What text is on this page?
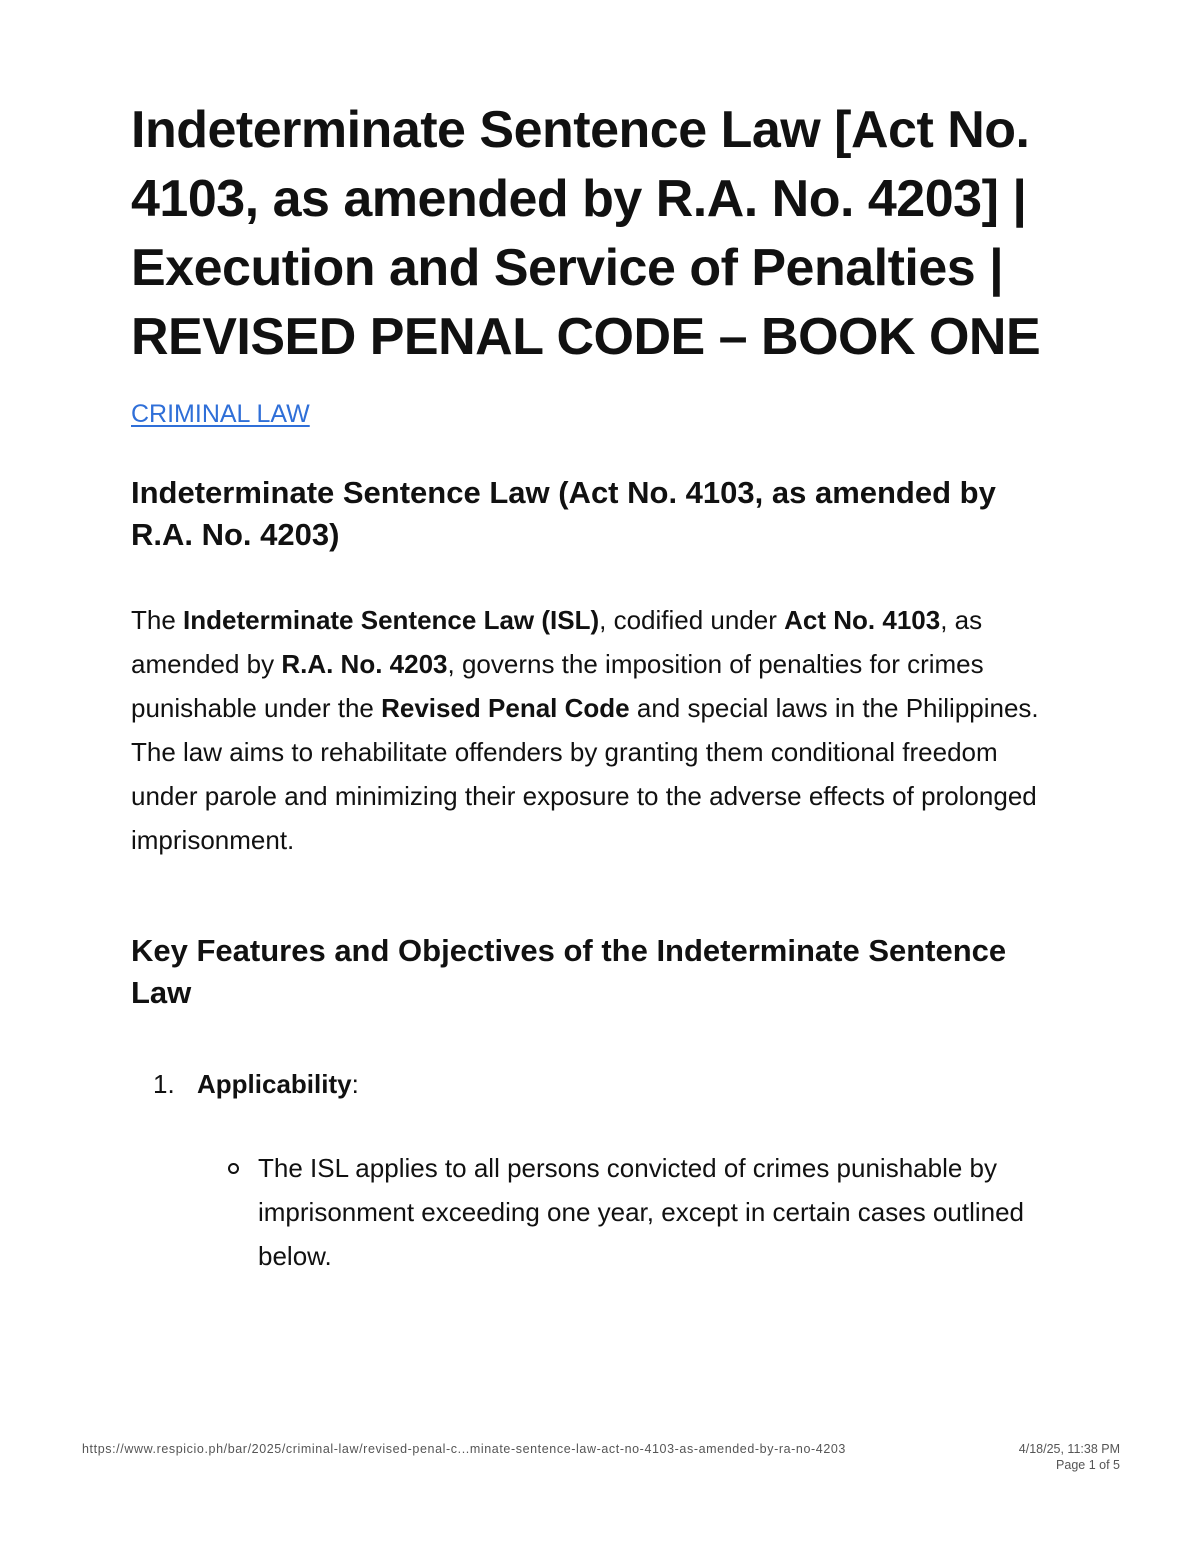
Indeterminate Sentence Law [Act No. 4103, as amended by R.A. No. 4203] | Execution and Service of Penalties | REVISED PENAL CODE – BOOK ONE
CRIMINAL LAW
Indeterminate Sentence Law (Act No. 4103, as amended by R.A. No. 4203)

The Indeterminate Sentence Law (ISL), codified under Act No. 4103, as amended by R.A. No. 4203, governs the imposition of penalties for crimes punishable under the Revised Penal Code and special laws in the Philippines. The law aims to rehabilitate offenders by granting them conditional freedom under parole and minimizing their exposure to the adverse effects of prolonged imprisonment.

Key Features and Objectives of the Indeterminate Sentence Law
1. Applicability:
The ISL applies to all persons convicted of crimes punishable by imprisonment exceeding one year, except in certain cases outlined below.
https://www.respicio.ph/bar/2025/criminal-law/revised-penal-c...minate-sentence-law-act-no-4103-as-amended-by-ra-no-4203	4/18/25, 11:38 PM
Page 1 of 5
